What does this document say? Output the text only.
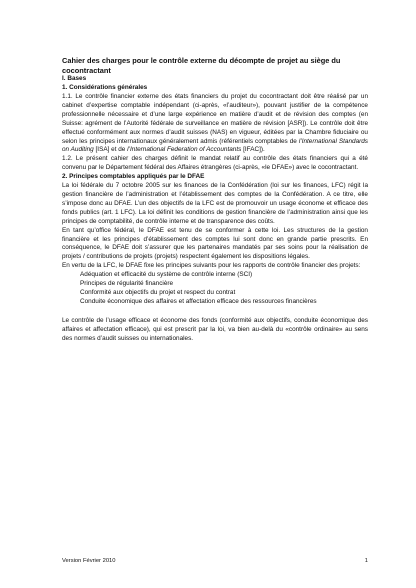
Cahier des charges pour le contrôle externe du décompte de projet au siège du cocontractant

I. Bases

1. Considérations générales

1.1. Le contrôle financier externe des états financiers du projet du cocontractant doit être réalisé par un cabinet d’expertise comptable indépendant (ci-après, «l’auditeur»), pouvant justifier de la compétence professionnelle nécessaire et d’une large expérience en matière d’audit et de révision des comptes (en Suisse: agrément de l’Autorité fédérale de surveillance en matière de révision [ASR]). Le contrôle doit être effectué conformément aux normes d’audit suisses (NAS) en vigueur, éditées par la Chambre fiduciaire ou selon les principes internationaux généralement admis (référentiels comptables de l’International Standards on Auditing [ISA] et de l’International Federation of Accountants [IFAC]).

1.2. Le présent cahier des charges définit le mandat relatif au contrôle des états financiers qui a été convenu par le Département fédéral des Affaires étrangères (ci-après, «le DFAE») avec le cocontractant.

2. Principes comptables appliqués par le DFAE

La loi fédérale du 7 octobre 2005 sur les finances de la Confédération (loi sur les finances, LFC) régit la gestion financière de l’administration et l’établissement des comptes de la Confédération. A ce titre, elle s’impose donc au DFAE. L’un des objectifs de la LFC est de promouvoir un usage économe et efficace des fonds publics (art. 1 LFC). La loi définit les conditions de gestion financière de l’administration ainsi que les principes de comptabilité, de contrôle interne et de transparence des coûts.

En tant qu’office fédéral, le DFAE est tenu de se conformer à cette loi. Les structures de la gestion financière et les principes d’établissement des comptes lui sont donc en grande partie prescrits. En conséquence, le DFAE doit s’assurer que les partenaires mandatés par ses soins pour la réalisation de projets / contributions de projets (projets) respectent également les dispositions légales.

En vertu de la LFC, le DFAE fixe les principes suivants pour les rapports de contrôle financier des projets:

Adéquation et efficacité du système de contrôle interne (SCI)

Principes de régularité financière

Conformité aux objectifs du projet et respect du contrat

Conduite économique des affaires et affectation efficace des ressources financières

Le contrôle de l’usage efficace et économe des fonds (conformité aux objectifs, conduite économique des affaires et affectation efficace), qui est prescrit par la loi, va bien au-delà du «contrôle ordinaire» au sens des normes d’audit suisses ou internationales.

Version Février 2010	1
